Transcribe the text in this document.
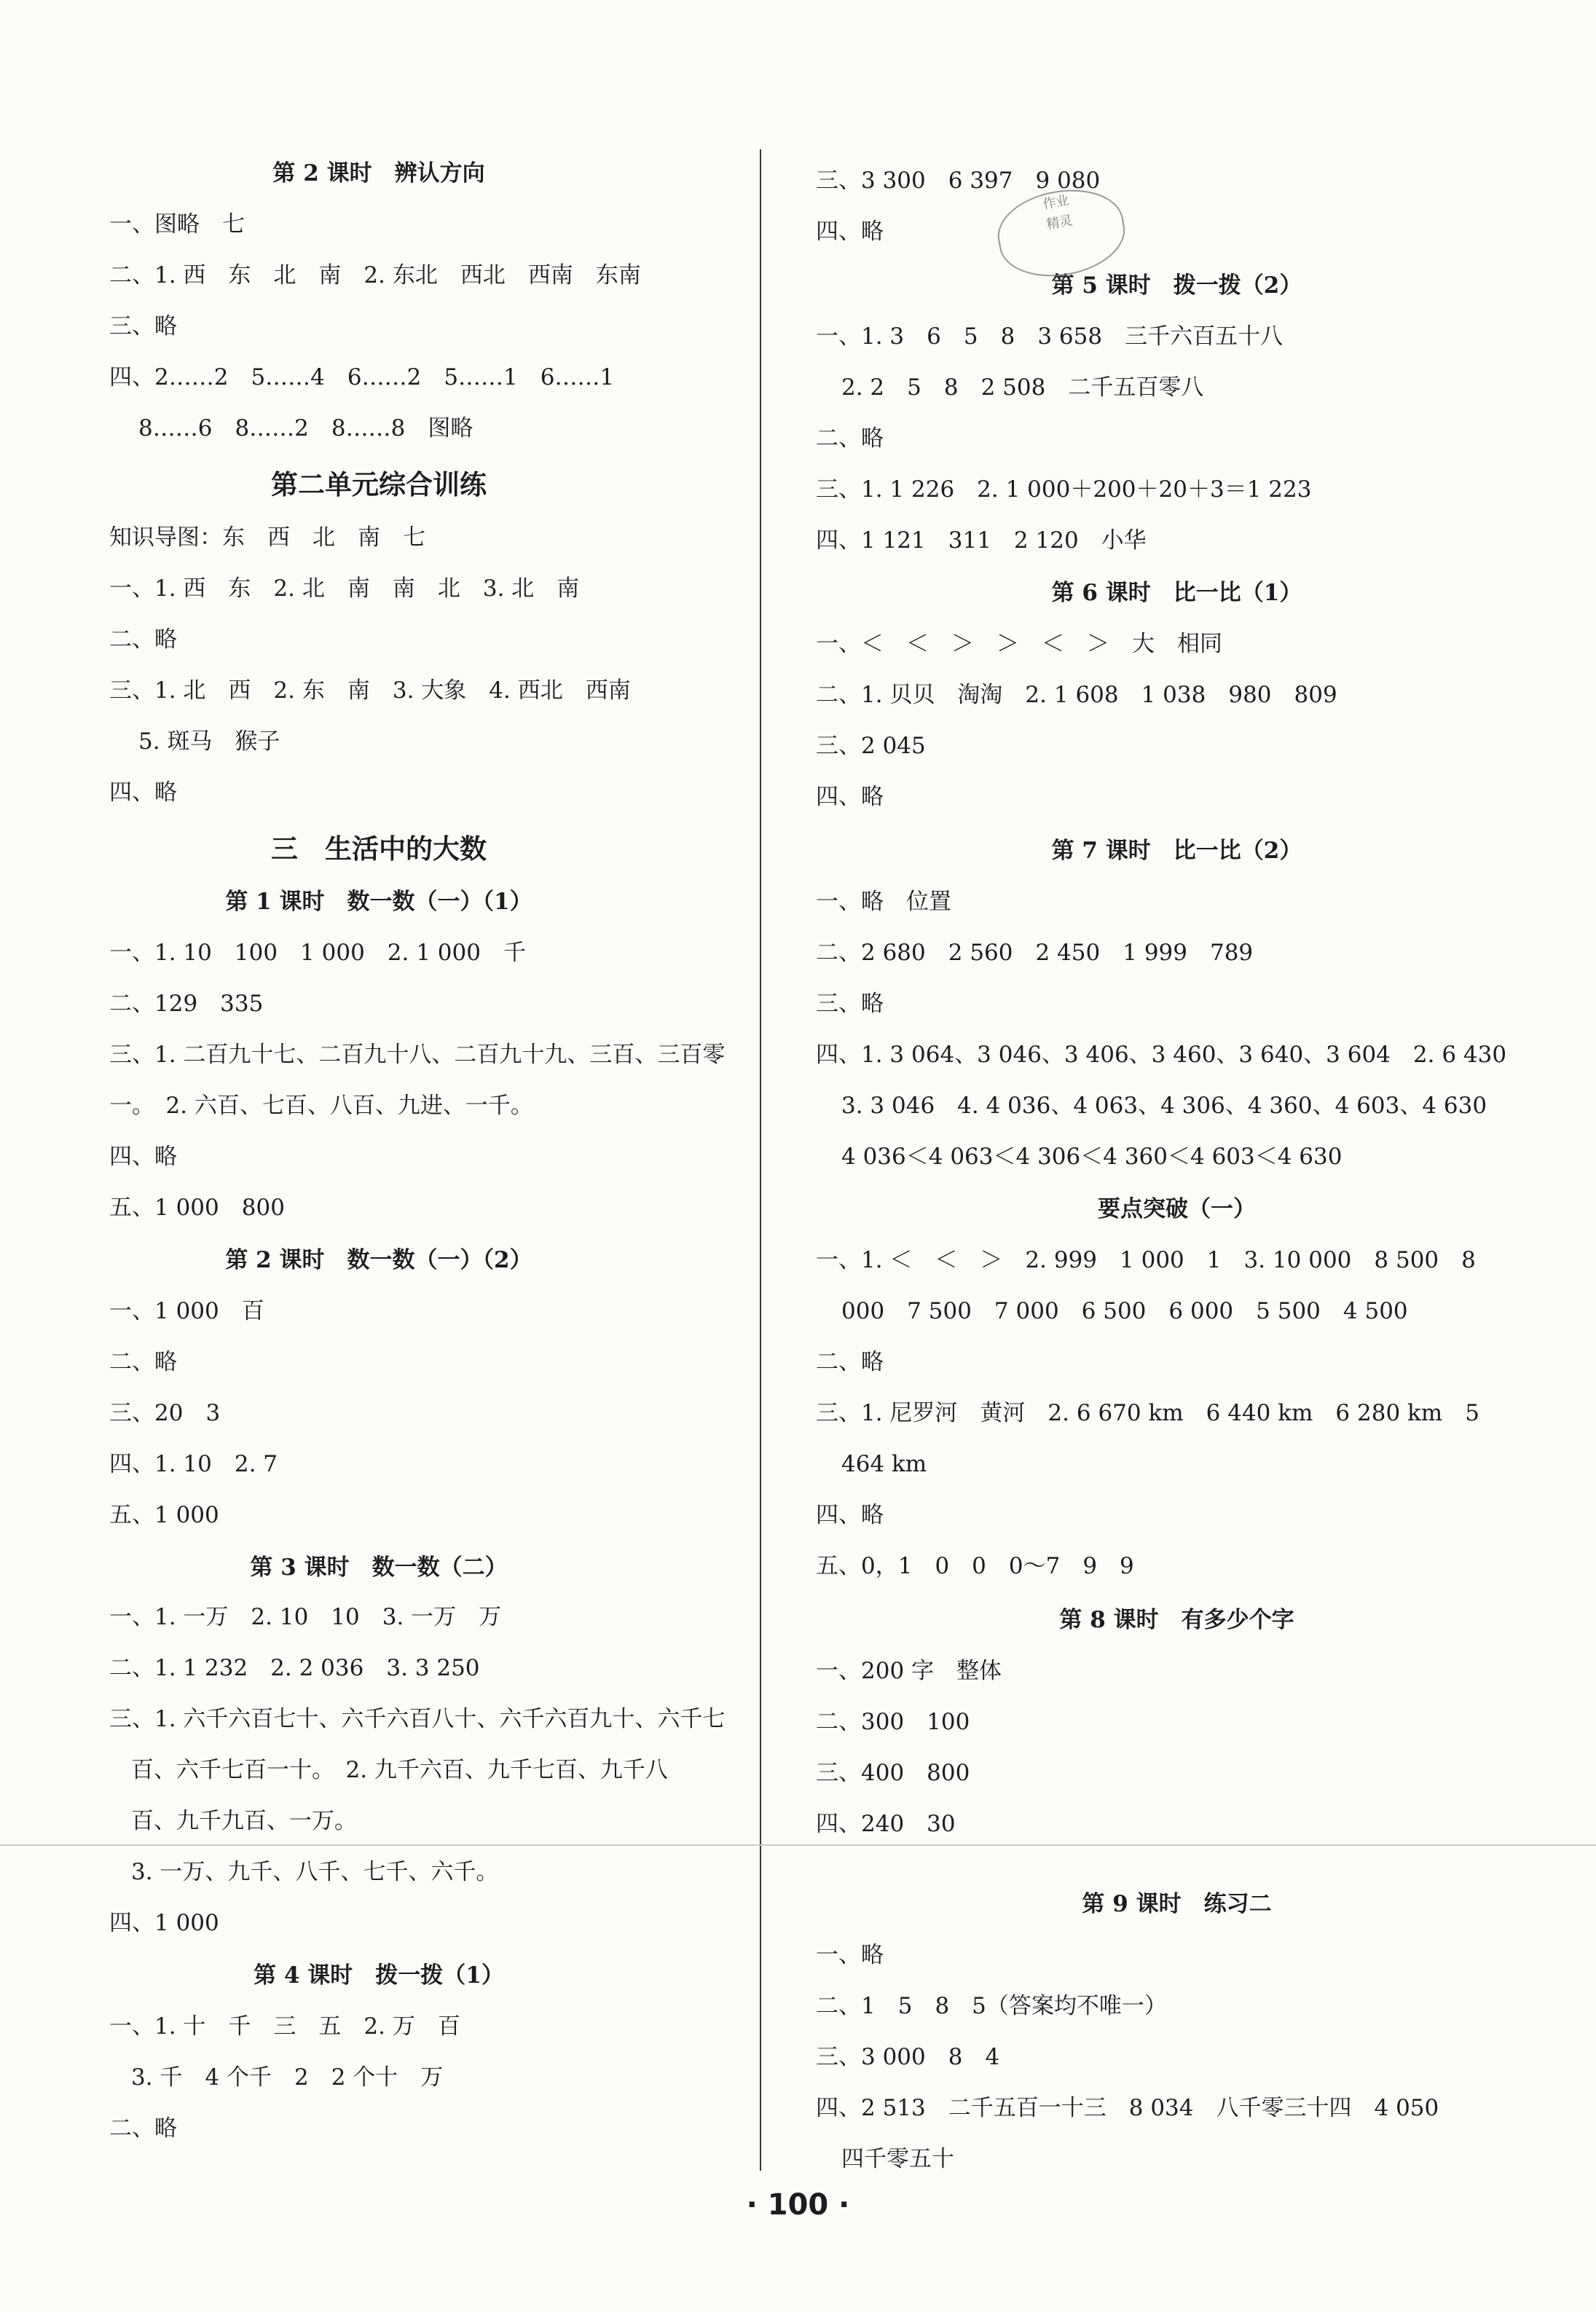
第 2 课时　辨认方向
一、图略　七
二、1. 西　东　北　南　2. 东北　西北　西南　东南
三、略
四、2……2　5……4　6……2　5……1　6……1
8……6　8……2　8……8　图略
第二单元综合训练
知识导图：东　西　北　南　七
一、1. 西　东　2. 北　南　南　北　3. 北　南
二、略
三、1. 北　西　2. 东　南　3. 大象　4. 西北　西南
5. 斑马　猴子
四、略
三　生活中的大数
第 1 课时　数一数（一）（1）
一、1. 10　100　1 000　2. 1 000　千
二、129　335
三、1. 二百九十七、二百九十八、二百九十九、三百、三百零
一。　2. 六百、七百、八百、九进、一千。
四、略
五、1 000　800
第 2 课时　数一数（一）（2）
一、1 000　百
二、略
三、20　3
四、1. 10　2. 7
五、1 000
第 3 课时　数一数（二）
一、1. 一万　2. 10　10　3. 一万　万
二、1. 1 232　2. 2 036　3. 3 250
三、1. 六千六百七十、六千六百八十、六千六百九十、六千七
百、六千七百一十。　2. 九千六百、九千七百、九千八
百、九千九百、一万。
3. 一万、九千、八千、七千、六千。
四、1 000
第 4 课时　拨一拨（1）
一、1. 十　千　三　五　2. 万　百
3. 千　4 个千　2　2 个十　万
二、略
三、3 300　6 397　9 080
四、略
第 5 课时　拨一拨（2）
一、1. 3　6　5　8　3 658　三千六百五十八
2. 2　5　8　2 508　二千五百零八
二、略
三、1. 1 226　2. 1 000＋200＋20＋3＝1 223
四、1 121　311　2 120　小华
第 6 课时　比一比（1）
一、＜　＜　＞　＞　＜　＞　大　相同
二、1. 贝贝　淘淘　2. 1 608　1 038　980　809
三、2 045
四、略
第 7 课时　比一比（2）
一、略　位置
二、2 680　2 560　2 450　1 999　789
三、略
四、1. 3 064、3 046、3 406、3 460、3 640、3 604　2. 6 430
3. 3 046　4. 4 036、4 063、4 306、4 360、4 603、4 630
4 036＜4 063＜4 306＜4 360＜4 603＜4 630
要点突破（一）
一、1. ＜　＜　＞　2. 999　1 000　1　3. 10 000　8 500　8
000　7 500　7 000　6 500　6 000　5 500　4 500
二、略
三、1. 尼罗河　黄河　2. 6 670 km　6 440 km　6 280 km　5
464 km
四、略
五、0，1　0　0　0～7　9　9
第 8 课时　有多少个字
一、200 字　整体
二、300　100
三、400　800
四、240　30
第 9 课时　练习二
一、略
二、1　5　8　5（答案均不唯一）
三、3 000　8　4
四、2 513　二千五百一十三　8 034　八千零三十四　4 050
四千零五十
作业
精灵
· 100 ·
